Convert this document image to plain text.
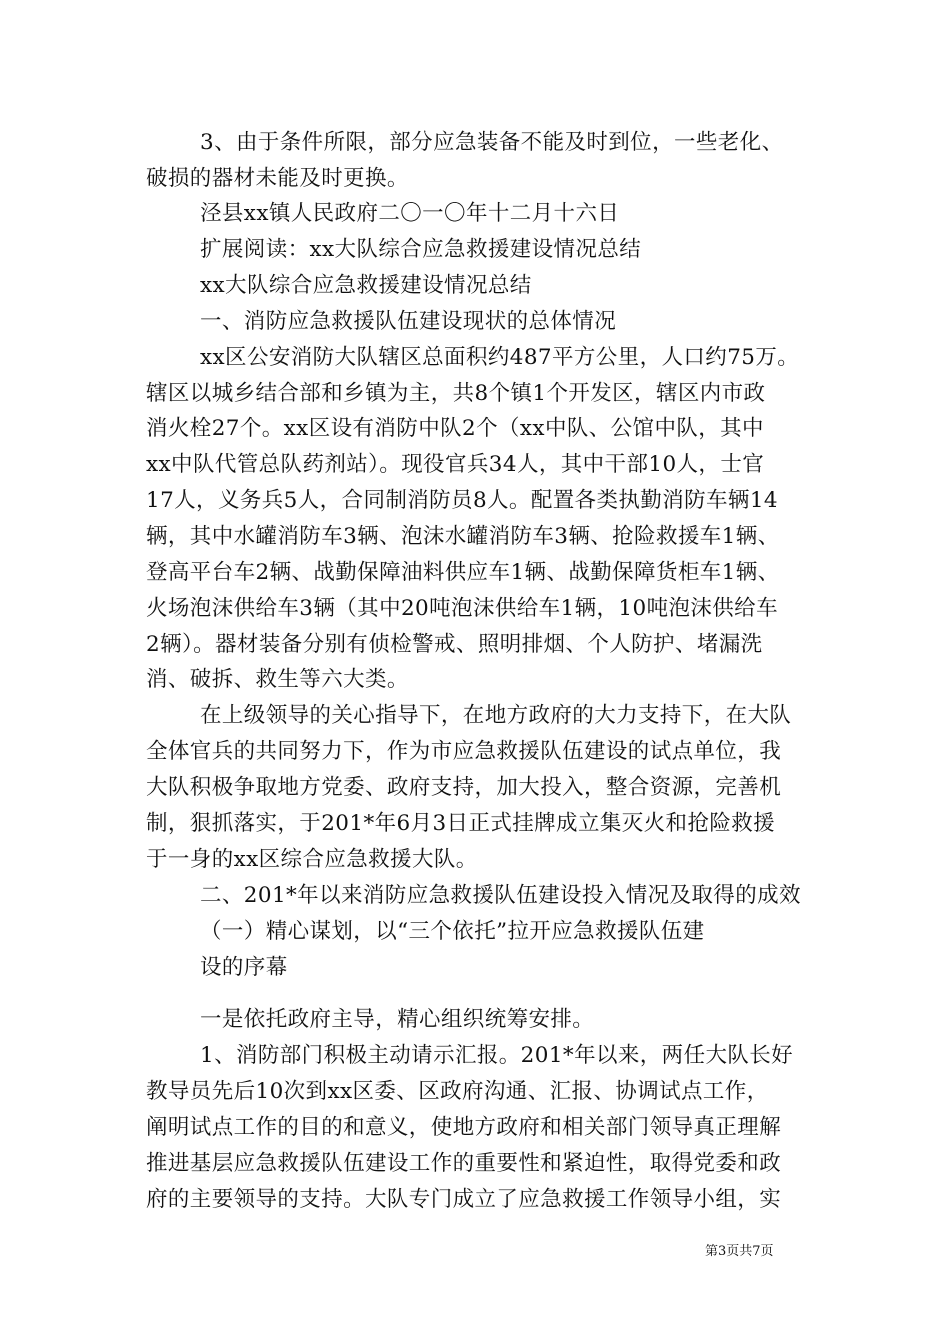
3、由于条件所限，部分应急装备不能及时到位，一些老化、
破损的器材未能及时更换。
泾县xx镇人民政府二〇一〇年十二月十六日
扩展阅读：xx大队综合应急救援建设情况总结
xx大队综合应急救援建设情况总结
一、消防应急救援队伍建设现状的总体情况
xx区公安消防大队辖区总面积约487平方公里，人口约75万。
辖区以城乡结合部和乡镇为主，共8个镇1个开发区，辖区内市政
消火栓27个。xx区设有消防中队2个（xx中队、公馆中队，其中
xx中队代管总队药剂站）。现役官兵34人，其中干部10人，士官
17人，义务兵5人，合同制消防员8人。配置各类执勤消防车辆14
辆，其中水罐消防车3辆、泡沫水罐消防车3辆、抢险救援车1辆、
登高平台车2辆、战勤保障油料供应车1辆、战勤保障货柜车1辆、
火场泡沫供给车3辆（其中20吨泡沫供给车1辆，10吨泡沫供给车
2辆）。器材装备分别有侦检警戒、照明排烟、个人防护、堵漏洗
消、破拆、救生等六大类。
在上级领导的关心指导下，在地方政府的大力支持下，在大队
全体官兵的共同努力下，作为市应急救援队伍建设的试点单位，我
大队积极争取地方党委、政府支持，加大投入，整合资源，完善机
制，狠抓落实，于201*年6月3日正式挂牌成立集灭火和抢险救援
于一身的xx区综合应急救援大队。
二、201*年以来消防应急救援队伍建设投入情况及取得的成效
（一）精心谋划，以“三个依托”拉开应急救援队伍建
设的序幕
一是依托政府主导，精心组织统筹安排。
1、消防部门积极主动请示汇报。201*年以来，两任大队长好
教导员先后10次到xx区委、区政府沟通、汇报、协调试点工作，
阐明试点工作的目的和意义，使地方政府和相关部门领导真正理解
推进基层应急救援队伍建设工作的重要性和紧迫性，取得党委和政
府的主要领导的支持。大队专门成立了应急救援工作领导小组，实
第3页共7页
